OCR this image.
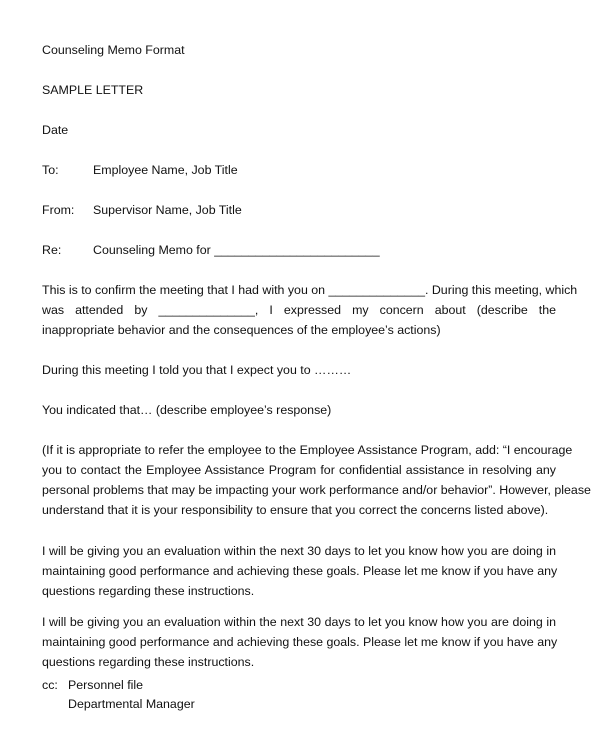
Counseling Memo Format
SAMPLE LETTER
Date
To:	Employee Name, Job Title
From: Supervisor Name, Job Title
Re:	Counseling Memo for ________________________
This is to confirm the meeting that I had with you on ______________. During this meeting, which
was attended by ______________, I expressed my concern about (describe the
inappropriate behavior and the consequences of the employee’s actions)
During this meeting I told you that I expect you to ………
You indicated that… (describe employee’s response)
(If it is appropriate to refer the employee to the Employee Assistance Program, add: “I encourage
you to contact the Employee Assistance Program for confidential assistance in resolving any
personal problems that may be impacting your work performance and/or behavior”. However, please
understand that it is your responsibility to ensure that you correct the concerns listed above).
I will be giving you an evaluation within the next 30 days to let you know how you are doing in
maintaining good performance and achieving these goals. Please let me know if you have any
questions regarding these instructions.
I will be giving you an evaluation within the next 30 days to let you know how you are doing in
maintaining good performance and achieving these goals. Please let me know if you have any
questions regarding these instructions.
cc: Personnel file
Departmental Manager
